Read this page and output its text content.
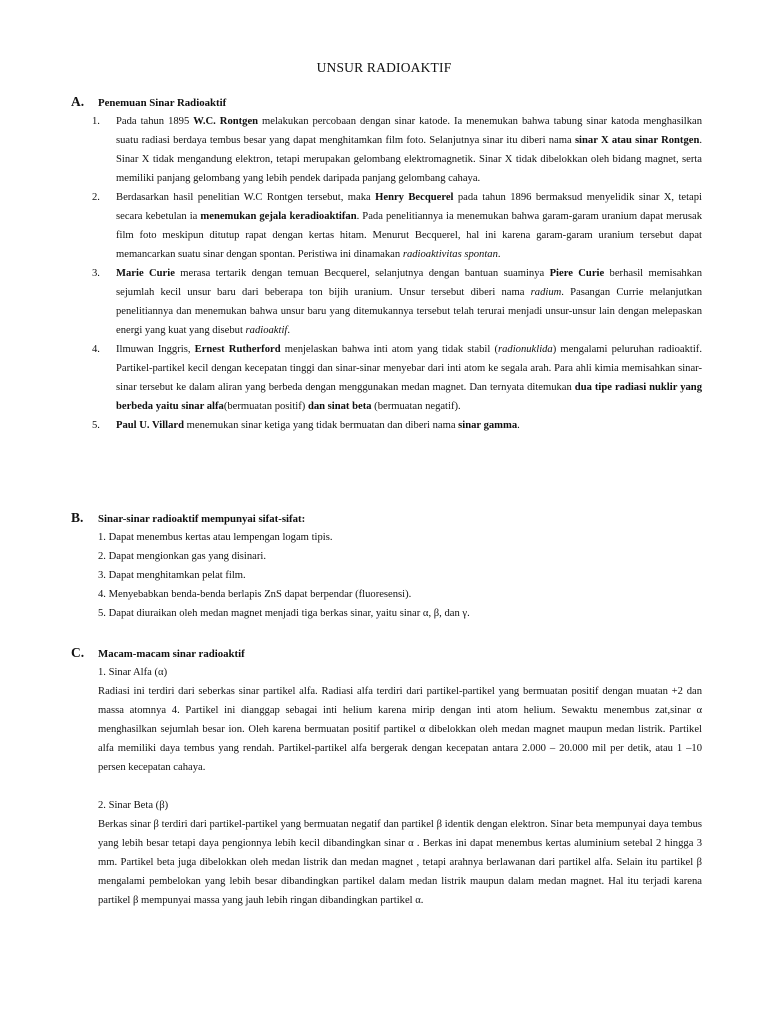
UNSUR RADIOAKTIF
A.	Penemuan Sinar Radioaktif
1.	Pada tahun 1895 W.C. Rontgen melakukan percobaan dengan sinar katode. Ia menemukan bahwa tabung sinar katoda menghasilkan suatu radiasi berdaya tembus besar yang dapat menghitamkan film foto. Selanjutnya sinar itu diberi nama sinar X atau sinar Rontgen. Sinar X tidak mengandung elektron, tetapi merupakan gelombang elektromagnetik. Sinar X tidak dibelokkan oleh bidang magnet, serta memiliki panjang gelombang yang lebih pendek daripada panjang gelombang cahaya.
2.	Berdasarkan hasil penelitian W.C Rontgen tersebut, maka Henry Becquerel pada tahun 1896 bermaksud menyelidik sinar X, tetapi secara kebetulan ia menemukan gejala keradioaktifan. Pada penelitiannya ia menemukan bahwa garam-garam uranium dapat merusak film foto meskipun ditutup rapat dengan kertas hitam. Menurut Becquerel, hal ini karena garam-garam uranium tersebut dapat memancarkan suatu sinar dengan spontan. Peristiwa ini dinamakan radioaktivitas spontan.
3.	Marie Curie merasa tertarik dengan temuan Becquerel, selanjutnya dengan bantuan suaminya Piere Curie berhasil memisahkan sejumlah kecil unsur baru dari beberapa ton bijih uranium. Unsur tersebut diberi nama radium. Pasangan Currie melanjutkan penelitiannya dan menemukan bahwa unsur baru yang ditemukannya tersebut telah terurai menjadi unsur-unsur lain dengan melepaskan energi yang kuat yang disebut radioaktif.
4.	Ilmuwan Inggris, Ernest Rutherford menjelaskan bahwa inti atom yang tidak stabil (radionuklida) mengalami peluruhan radioaktif. Partikel-partikel kecil dengan kecepatan tinggi dan sinar-sinar menyebar dari inti atom ke segala arah. Para ahli kimia memisahkan sinar-sinar tersebut ke dalam aliran yang berbeda dengan menggunakan medan magnet. Dan ternyata ditemukan dua tipe radiasi nuklir yang berbeda yaitu sinar alfa(bermuatan positif) dan sinat beta (bermuatan negatif).
5.	Paul U. Villard menemukan sinar ketiga yang tidak bermuatan dan diberi nama sinar gamma.
B.	Sinar-sinar radioaktif mempunyai sifat-sifat:
1. Dapat menembus kertas atau lempengan logam tipis.
2. Dapat mengionkan gas yang disinari.
3. Dapat menghitamkan pelat film.
4. Menyebabkan benda-benda berlapis ZnS dapat berpendar (fluoresensi).
5. Dapat diuraikan oleh medan magnet menjadi tiga berkas sinar, yaitu sinar α, β, dan γ.
C.	Macam-macam sinar radioaktif
1. Sinar Alfa (α)
Radiasi ini terdiri dari seberkas sinar partikel alfa. Radiasi alfa terdiri dari partikel-partikel yang bermuatan positif dengan muatan +2 dan massa atomnya 4. Partikel ini dianggap sebagai inti helium karena mirip dengan inti atom helium. Sewaktu menembus zat,sinar α menghasilkan sejumlah besar ion. Oleh karena bermuatan positif partikel α dibelokkan oleh medan magnet maupun medan listrik. Partikel alfa memiliki daya tembus yang rendah. Partikel-partikel alfa bergerak dengan kecepatan antara 2.000 – 20.000 mil per detik, atau 1 –10 persen kecepatan cahaya.
2. Sinar Beta (β)
Berkas sinar β terdiri dari partikel-partikel yang bermuatan negatif dan partikel β identik dengan elektron. Sinar beta mempunyai daya tembus yang lebih besar tetapi daya pengionnya lebih kecil dibandingkan sinar α . Berkas ini dapat menembus kertas aluminium setebal 2 hingga 3 mm. Partikel beta juga dibelokkan oleh medan listrik dan medan magnet , tetapi arahnya berlawanan dari partikel alfa. Selain itu partikel β mengalami pembelokan yang lebih besar dibandingkan partikel dalam medan listrik maupun dalam medan magnet. Hal itu terjadi karena partikel β mempunyai massa yang jauh lebih ringan dibandingkan partikel α.
